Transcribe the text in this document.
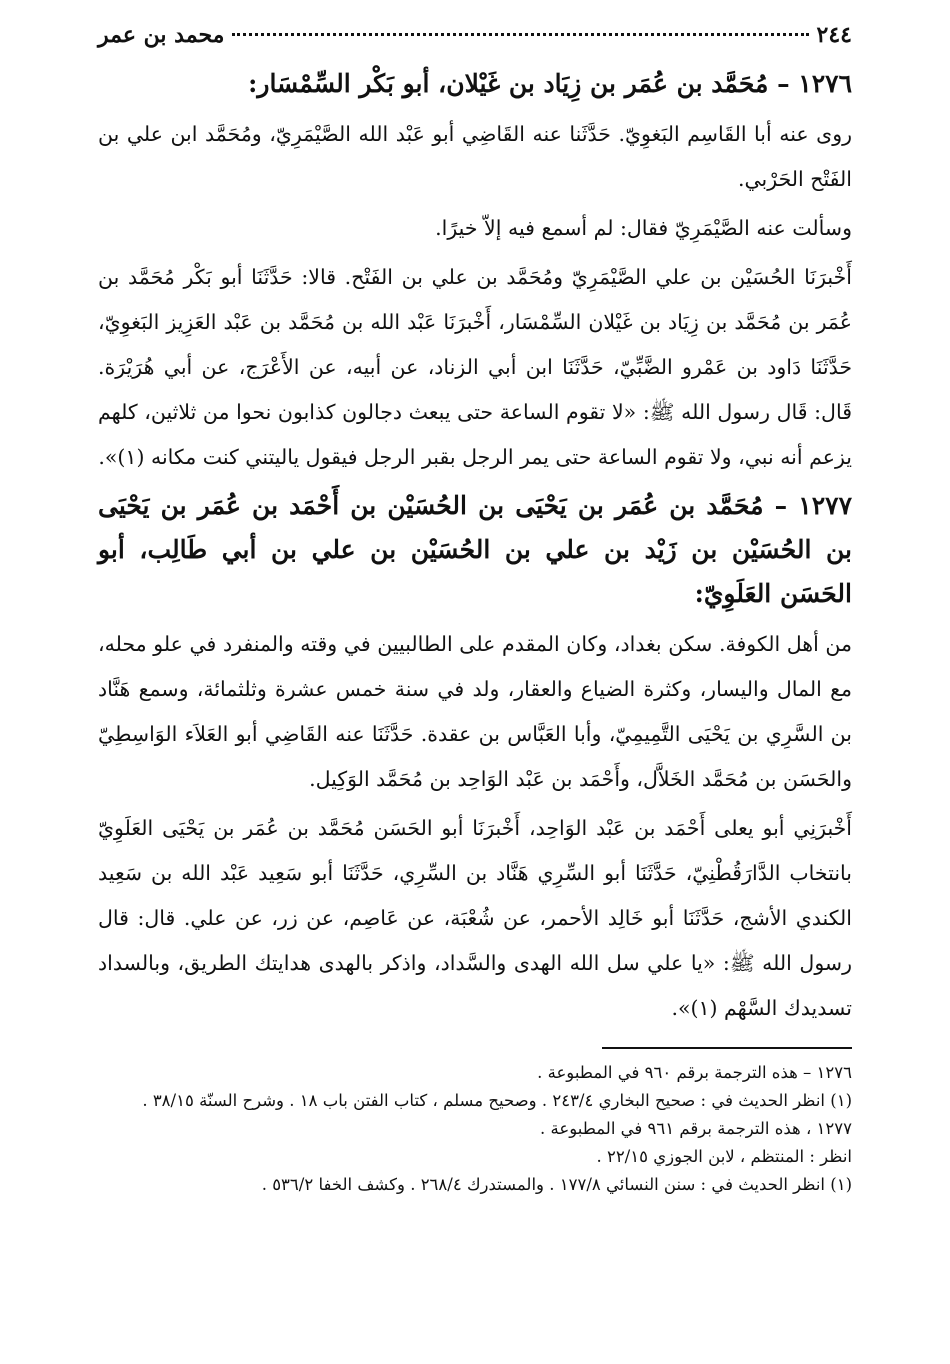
٢٤٤
محمد بن عمر
١٢٧٦ – مُحَمَّد بن عُمَر بن زِيَاد بن غَيْلان، أبو بَكْر السِّمْسَار:

روى عنه أبا القَاسِم البَغوِيّ. حَدَّثَنا عنه القَاضِي أبو عَبْد الله الصَّيْمَرِيّ، ومُحَمَّد ابن علي بن الفَتْح الحَرْبي.

وسألت عنه الصَّيْمَرِيّ فقال: لم أسمع فيه إلاّ خيرًا.

أَخْبرَنَا الحُسَيْن بن علي الصَّيْمَرِيّ ومُحَمَّد بن علي بن الفَتْح. قالا: حَدَّثَنَا أبو بَكْر مُحَمَّد بن عُمَر بن مُحَمَّد بن زِيَاد بن غَيْلان السِّمْسَار، أَخْبرَنَا عَبْد الله بن مُحَمَّد بن عَبْد العَزِيز البَغوِيّ، حَدَّثَنَا دَاود بن عَمْرو الضَّبِّيّ، حَدَّثَنَا ابن أبي الزناد، عن أبيه، عن الأَعْرَج، عن أبي هُرَيْرَة. قَال: قَال رسول الله ﷺ: «لا تقوم الساعة حتى يبعث دجالون كذابون نحوا من ثلاثين، كلهم يزعم أنه نبي، ولا تقوم الساعة حتى يمر الرجل بقبر الرجل فيقول ياليتني كنت مكانه (١)».

١٢٧٧ – مُحَمَّد بن عُمَر بن يَحْيَى بن الحُسَيْن بن أَحْمَد بن عُمَر بن يَحْيَى بن الحُسَيْن بن زَيْد بن علي بن الحُسَيْن بن علي بن أبي طَالِب، أبو الحَسَن العَلَوِيّ:

من أهل الكوفة. سكن بغداد، وكان المقدم على الطالبيين في وقته والمنفرد في علو محله، مع المال واليسار، وكثرة الضياع والعقار، ولد في سنة خمس عشرة وثلثمائة، وسمع هَنَّاد بن السَّرِي بن يَحْيَى التَّمِيمِيّ، وأبا العَبَّاس بن عقدة. حَدَّثَنَا عنه القَاضِي أبو العَلاَء الوَاسِطِيّ والحَسَن بن مُحَمَّد الخَلاَّل، وأَحْمَد بن عَبْد الوَاحِد بن مُحَمَّد الوَكِيل.

أَخْبرَنِي أبو يعلى أَحْمَد بن عَبْد الوَاحِد، أَخْبرَنَا أبو الحَسَن مُحَمَّد بن عُمَر بن يَحْيَى العَلَوِيّ بانتخاب الدَّارَقُطْنِيّ، حَدَّثَنَا أبو السِّرِي هَنَّاد بن السِّرِي، حَدَّثَنَا أبو سَعِيد عَبْد الله بن سَعِيد الكندي الأشج، حَدَّثَنَا أبو خَالِد الأحمر، عن شُعْبَة، عن عَاصِم، عن زر، عن علي. قال: قال رسول الله ﷺ: «يا علي سل الله الهدى والسَّداد، واذكر بالهدى هدايتك الطريق، وبالسداد تسديدك السَّهْم (١)».

١٢٧٦ – هذه الترجمة برقم ٩٦٠ في المطبوعة .

(١) انظر الحديث في : صحيح البخاري ٢٤٣/٤ . وصحيح مسلم ، كتاب الفتن باب ١٨ . وشرح السنّة ٣٨/١٥ .

١٢٧٧ ، هذه الترجمة برقم ٩٦١ في المطبوعة .

انظر : المنتظم ، لابن الجوزي ٢٢/١٥ .

(١) انظر الحديث في : سنن النسائي ١٧٧/٨ . والمستدرك ٢٦٨/٤ . وكشف الخفا ٥٣٦/٢ .
